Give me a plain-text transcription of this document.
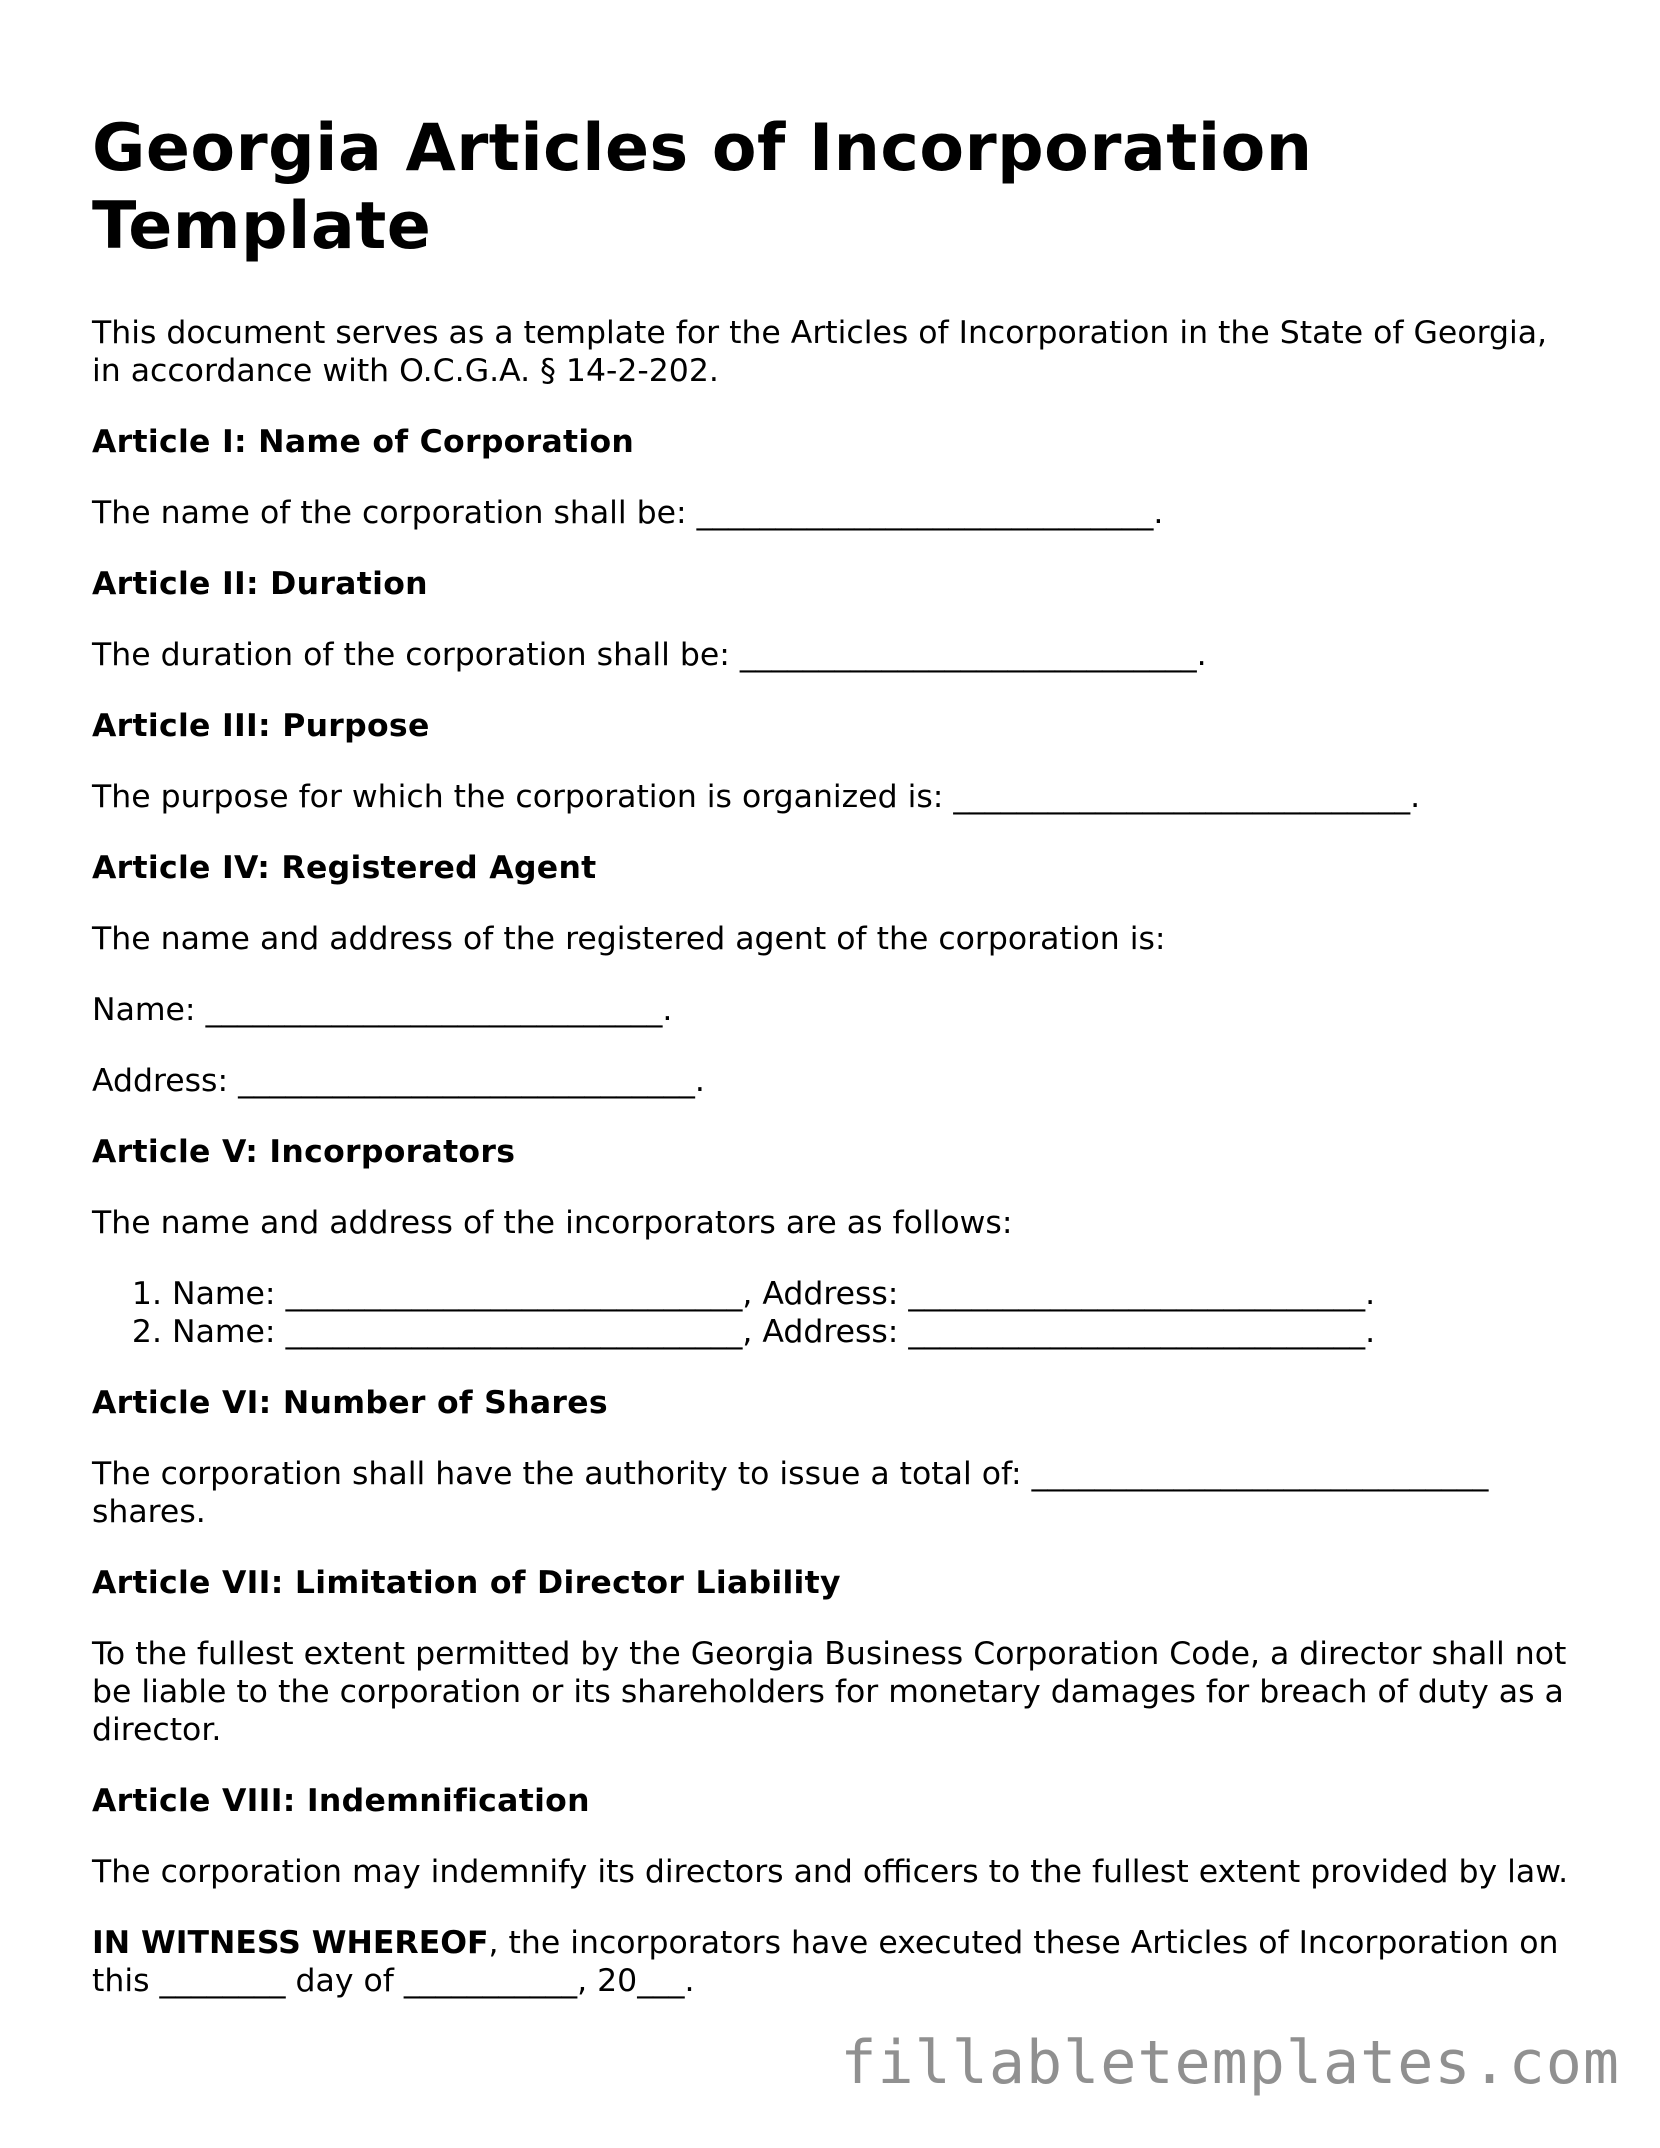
Georgia Articles of Incorporation Template

This document serves as a template for the Articles of Incorporation in the State of Georgia, in accordance with O.C.G.A. § 14-2-202.

Article I: Name of Corporation

The name of the corporation shall be: _____________________________.

Article II: Duration

The duration of the corporation shall be: _____________________________.

Article III: Purpose

The purpose for which the corporation is organized is: _____________________________.

Article IV: Registered Agent

The name and address of the registered agent of the corporation is:

Name: _____________________________.

Address: _____________________________.

Article V: Incorporators

The name and address of the incorporators are as follows:

1. Name: _____________________________, Address: _____________________________.
2. Name: _____________________________, Address: _____________________________.
Article VI: Number of Shares

The corporation shall have the authority to issue a total of: _____________________________ shares.

Article VII: Limitation of Director Liability

To the fullest extent permitted by the Georgia Business Corporation Code, a director shall not be liable to the corporation or its shareholders for monetary damages for breach of duty as a director.

Article VIII: Indemnification

The corporation may indemnify its directors and officers to the fullest extent provided by law.

IN WITNESS WHEREOF, the incorporators have executed these Articles of Incorporation on this ________ day of ___________, 20___.

fillabletemplates.com
